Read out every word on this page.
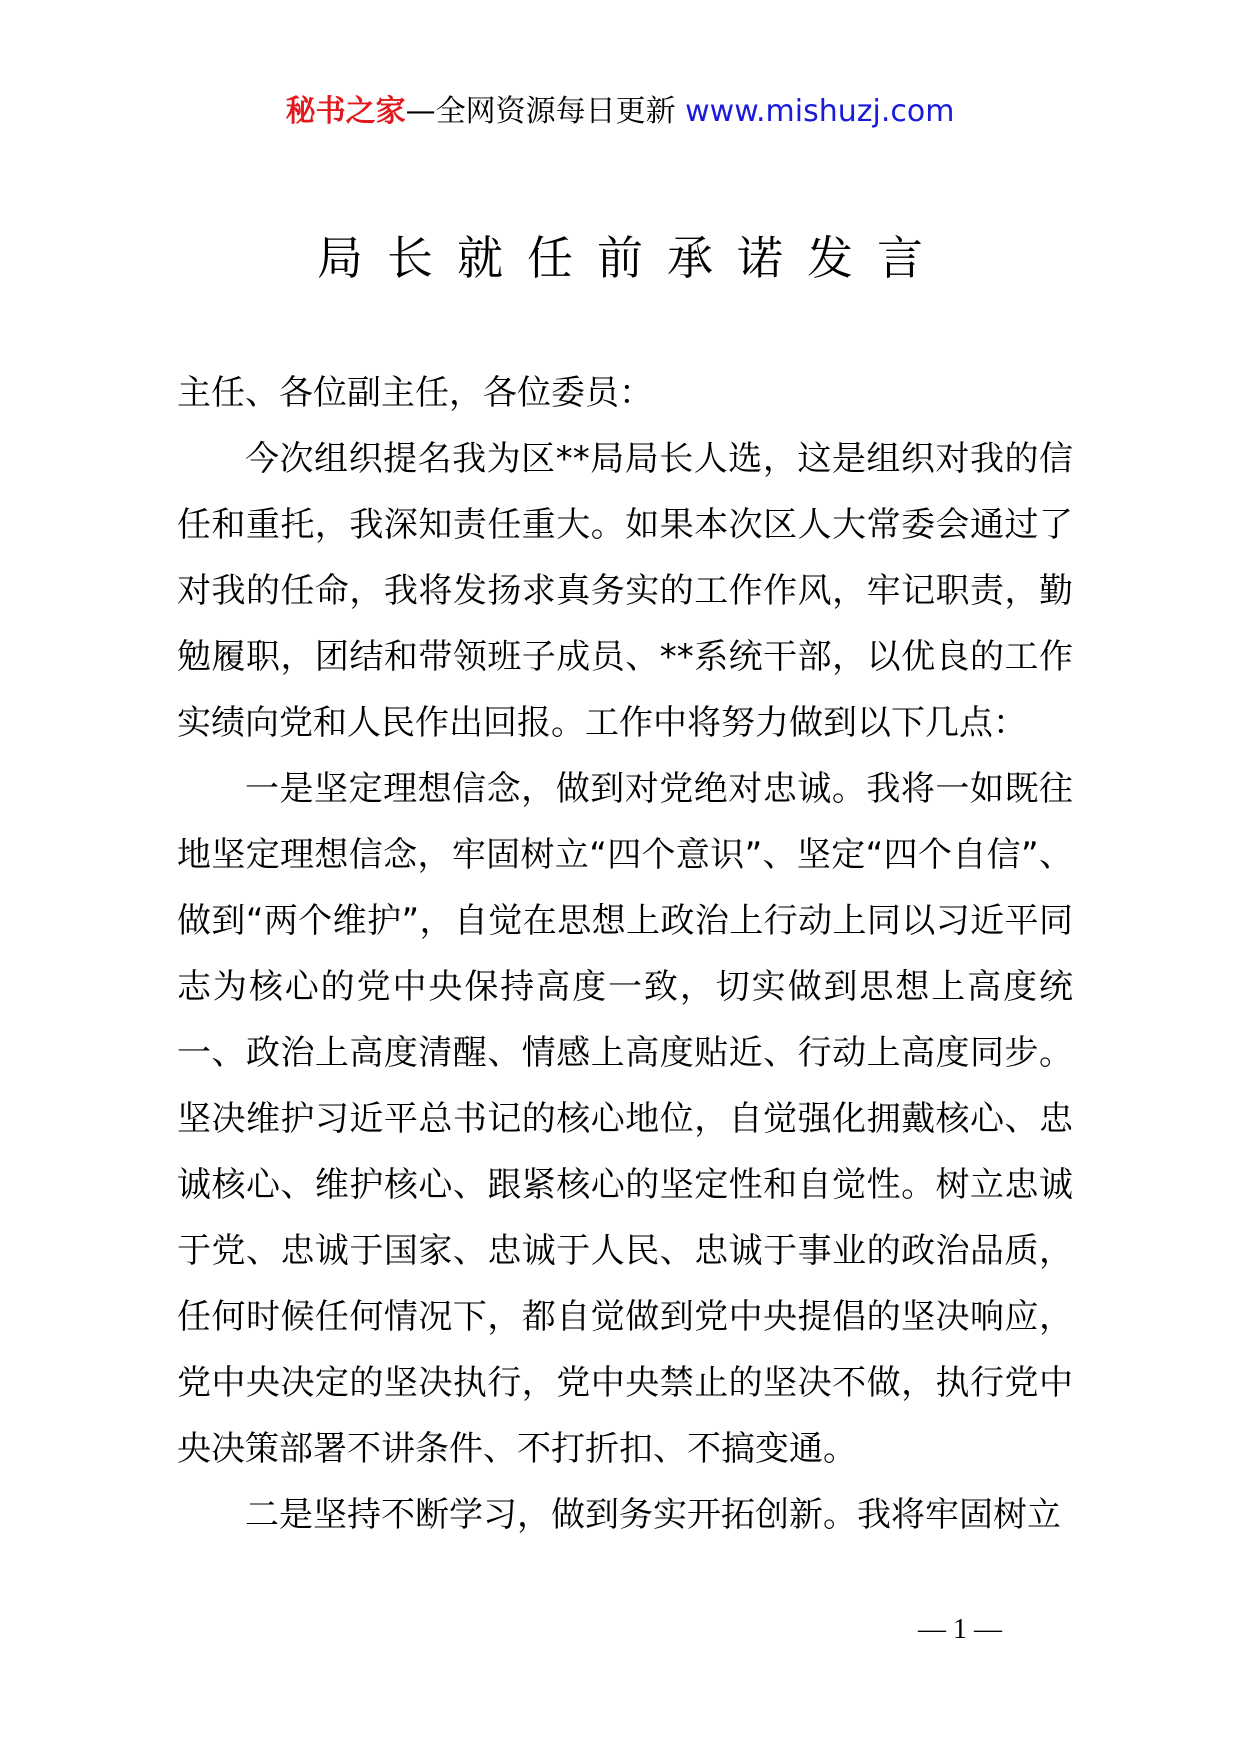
秘书之家—全网资源每日更新 www.mishuzj.com
局长就任前承诺发言

主任、各位副主任，各位委员：

今次组织提名我为区**局局长人选，这是组织对我的信任和重托，我深知责任重大。如果本次区人大常委会通过了对我的任命，我将发扬求真务实的工作作风，牢记职责，勤勉履职，团结和带领班子成员、**系统干部，以优良的工作实绩向党和人民作出回报。工作中将努力做到以下几点：

一是坚定理想信念，做到对党绝对忠诚。我将一如既往地坚定理想信念，牢固树立“四个意识”、坚定“四个自信”、做到“两个维护”，自觉在思想上政治上行动上同以习近平同志为核心的党中央保持高度一致，切实做到思想上高度统一、政治上高度清醒、情感上高度贴近、行动上高度同步。坚决维护习近平总书记的核心地位，自觉强化拥戴核心、忠诚核心、维护核心、跟紧核心的坚定性和自觉性。树立忠诚于党、忠诚于国家、忠诚于人民、忠诚于事业的政治品质，任何时候任何情况下，都自觉做到党中央提倡的坚决响应，党中央决定的坚决执行，党中央禁止的坚决不做，执行党中央决策部署不讲条件、不打折扣、不搞变通。

二是坚持不断学习，做到务实开拓创新。我将牢固树立

— 1 —
